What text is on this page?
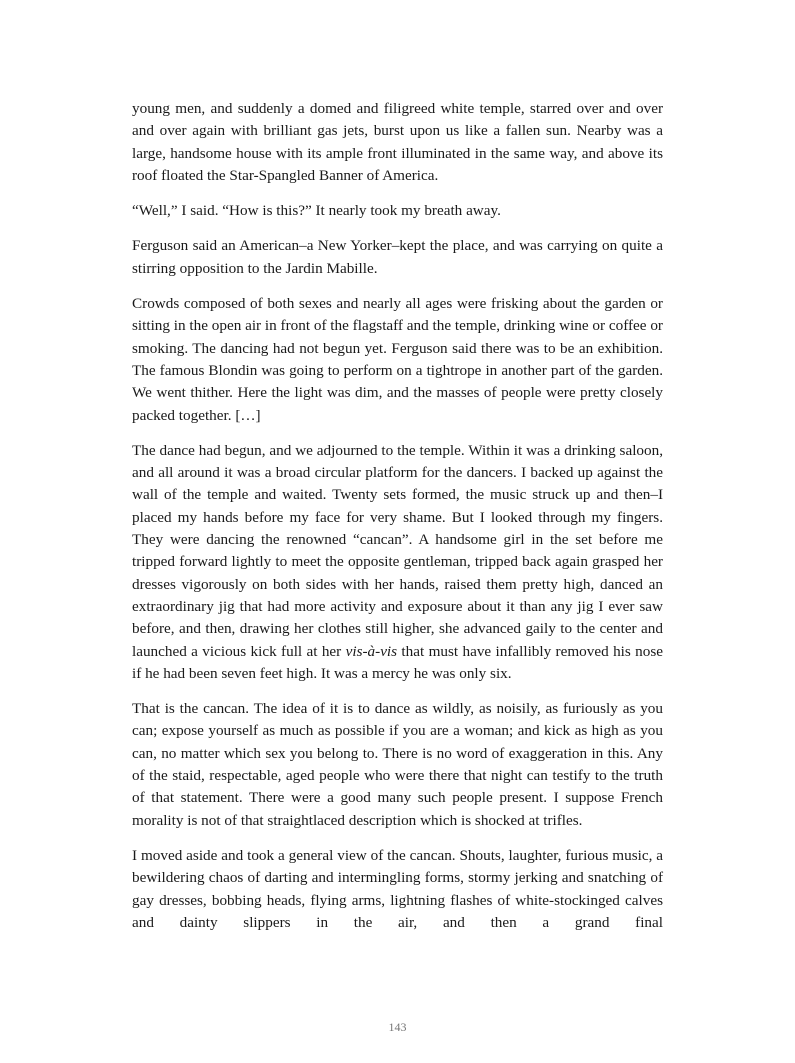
young men, and suddenly a domed and filigreed white temple, starred over and over and over again with brilliant gas jets, burst upon us like a fallen sun. Nearby was a large, handsome house with its ample front illuminated in the same way, and above its roof floated the Star-Spangled Banner of America.

“Well,” I said. “How is this?” It nearly took my breath away.

Ferguson said an American–a New Yorker–kept the place, and was carrying on quite a stirring opposition to the Jardin Mabille.

Crowds composed of both sexes and nearly all ages were frisking about the garden or sitting in the open air in front of the flagstaff and the temple, drinking wine or coffee or smoking. The dancing had not begun yet. Ferguson said there was to be an exhibition. The famous Blondin was going to perform on a tightrope in another part of the garden. We went thither. Here the light was dim, and the masses of people were pretty closely packed together. […]

The dance had begun, and we adjourned to the temple. Within it was a drinking saloon, and all around it was a broad circular platform for the dancers. I backed up against the wall of the temple and waited. Twenty sets formed, the music struck up and then–I placed my hands before my face for very shame. But I looked through my fingers. They were dancing the renowned “cancan”. A handsome girl in the set before me tripped forward lightly to meet the opposite gentleman, tripped back again grasped her dresses vigorously on both sides with her hands, raised them pretty high, danced an extraordinary jig that had more activity and exposure about it than any jig I ever saw before, and then, drawing her clothes still higher, she advanced gaily to the center and launched a vicious kick full at her vis-à-vis that must have infallibly removed his nose if he had been seven feet high. It was a mercy he was only six.

That is the cancan. The idea of it is to dance as wildly, as noisily, as furiously as you can; expose yourself as much as possible if you are a woman; and kick as high as you can, no matter which sex you belong to. There is no word of exaggeration in this. Any of the staid, respectable, aged people who were there that night can testify to the truth of that statement. There were a good many such people present. I suppose French morality is not of that straightlaced description which is shocked at trifles.

I moved aside and took a general view of the cancan. Shouts, laughter, furious music, a bewildering chaos of darting and intermingling forms, stormy jerking and snatching of gay dresses, bobbing heads, flying arms, lightning flashes of white-stockinged calves and dainty slippers in the air, and then a grand final

143
